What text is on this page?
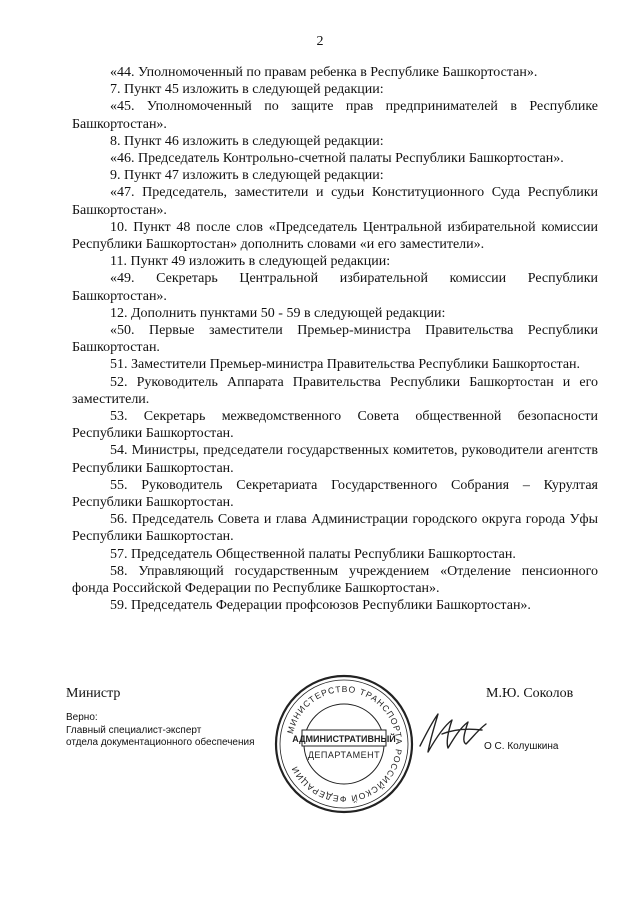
2

«44. Уполномоченный по правам ребенка в Республике Башкортостан».

7. Пункт 45 изложить в следующей редакции:

«45. Уполномоченный по защите прав предпринимателей в Республике Башкортостан».

8. Пункт 46 изложить в следующей редакции:

«46. Председатель Контрольно-счетной палаты Республики Башкортостан».

9. Пункт 47 изложить в следующей редакции:

«47. Председатель, заместители и судьи Конституционного Суда Республики Башкортостан».

10. Пункт 48 после слов «Председатель Центральной избирательной комиссии Республики Башкортостан» дополнить словами «и его заместители».

11. Пункт 49 изложить в следующей редакции:

«49. Секретарь Центральной избирательной комиссии Республики Башкортостан».

12. Дополнить пунктами 50 - 59 в следующей редакции:

«50. Первые заместители Премьер-министра Правительства Республики Башкортостан.

51. Заместители Премьер-министра Правительства Республики Башкортостан.

52. Руководитель Аппарата Правительства Республики Башкортостан и его заместители.

53. Секретарь межведомственного Совета общественной безопасности Республики Башкортостан.

54. Министры, председатели государственных комитетов, руководители агентств Республики Башкортостан.

55. Руководитель Секретариата Государственного Собрания – Курултая Республики Башкортостан.

56. Председатель Совета и глава Администрации городского округа города Уфы Республики Башкортостан.

57. Председатель Общественной палаты Республики Башкортостан.

58. Управляющий государственным учреждением «Отделение пенсионного фонда Российской Федерации по Республике Башкортостан».

59. Председатель Федерации профсоюзов Республики Башкортостан».

Министр	М.Ю. Соколов
Верно:
Главный специалист-эксперт
отдела документационного обеспечения
МИНИСТЕРСТВО ТРАНСПОРТА РОССИЙСКОЙ ФЕДЕРАЦИИ
АДМИНИСТРАТИВНЫЙ
ДЕПАРТАМЕНТ
О С. Колушкина
